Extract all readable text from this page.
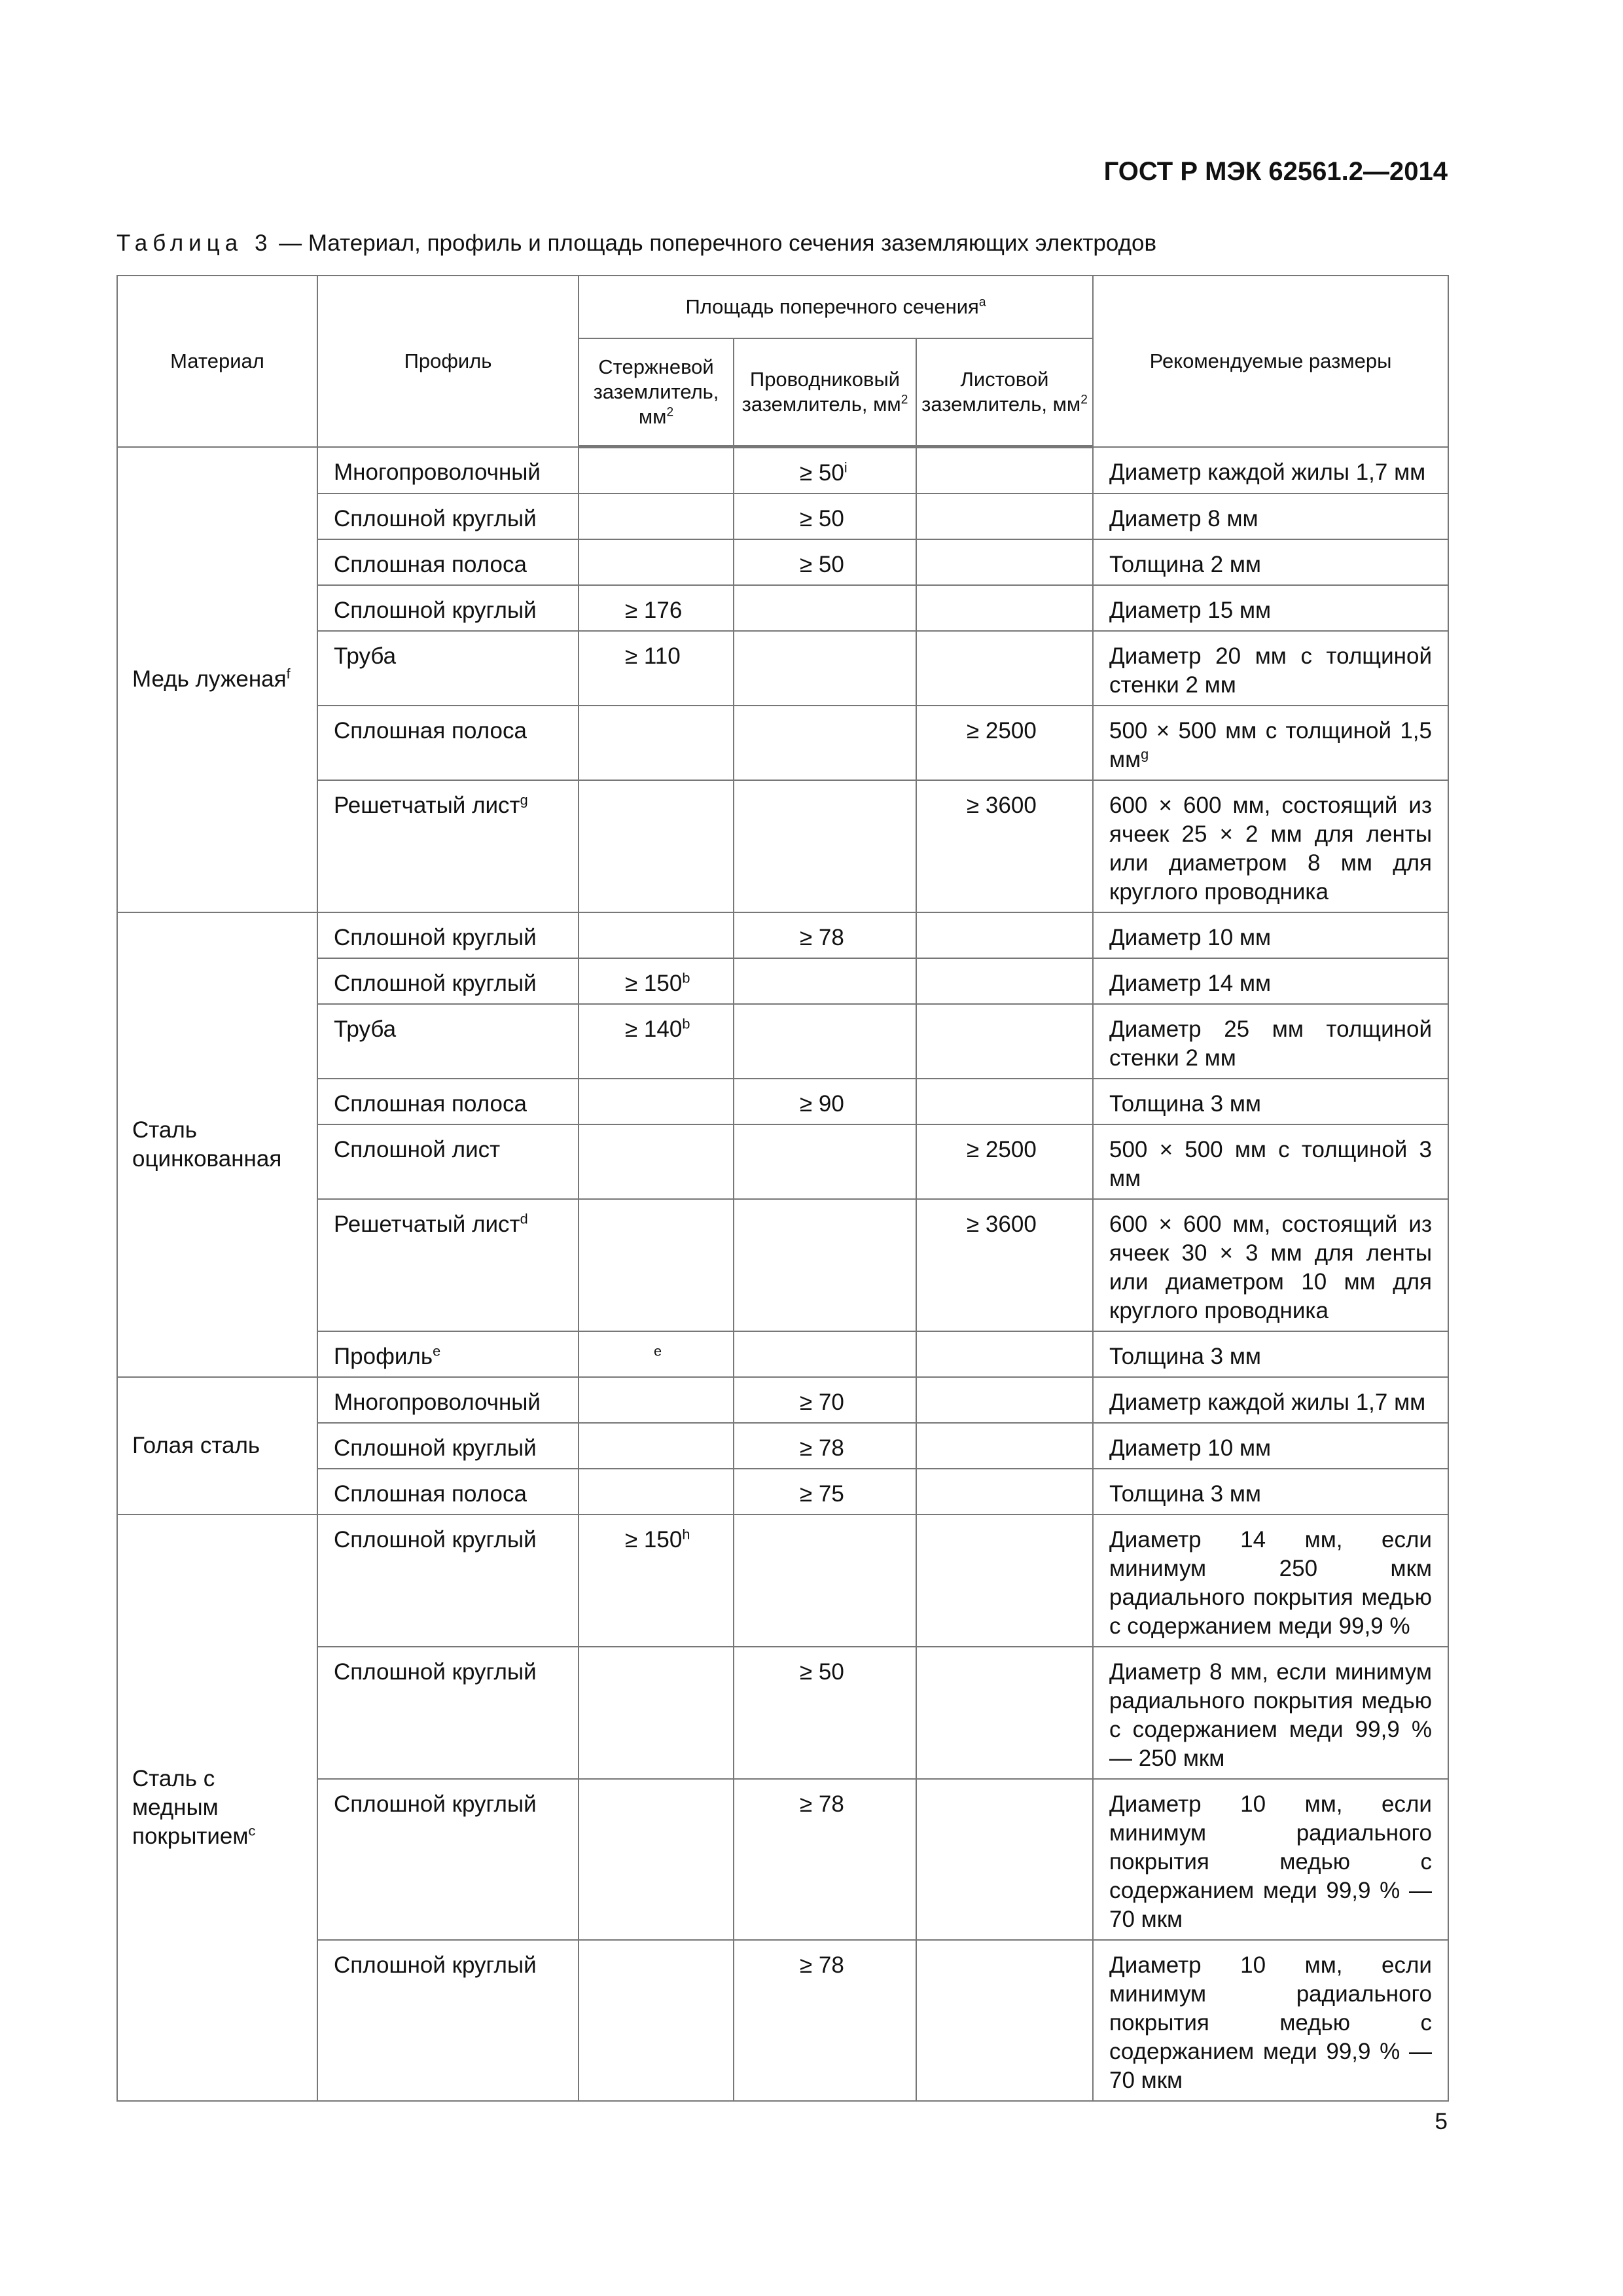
ГОСТ Р МЭК 62561.2—2014
Таблица 3 — Материал, профиль и площадь поперечного сечения заземляющих электродов
Материал	Профиль	Площадь поперечного сечения$^а$			Рекомендуемые размеры
		Стержневой заземлитель, $мм^2$	Проводниковый заземлитель, $мм^2$	Листовой заземлитель, $мм^2$
Медь луженая$^f$	Многопроволочный		≥ $50^i$		Диаметр каждой жилы 1,7 мм
	Сплошной круглый		≥ 50		Диаметр 8 мм
	Сплошная полоса		≥ 50		Толщина 2 мм
	Сплошной круглый	≥ 176			Диаметр 15 мм
	Труба	≥ 110			Диаметр 20 мм с толщиной стенки 2 мм
	Сплошная полоса			≥ 2500	500 × 500 мм с толщиной 1,5 $мм^g$
	Решетчатый лист$^g$			≥ 3600	600 × 600 мм, состоящий из ячеек 25 × 2 мм для ленты или диаметром 8 мм для круглого проводника
Сталь оцинкованная	Сплошной круглый		≥ 78		Диаметр 10 мм
	Сплошной круглый	≥ $150^b$			Диаметр 14 мм
	Труба	≥ $140^b$			Диаметр 25 мм толщиной стенки 2 мм
	Сплошная полоса		≥ 90		Толщина 3 мм
	Сплошной лист			≥ 2500	500 × 500 мм с толщиной 3 мм
	Решетчатый лист$^d$			≥ 3600	600 × 600 мм, состоящий из ячеек 30 × 3 мм для ленты или диаметром 10 мм для круглого проводника
	Профиль$^e$	$^e$			Толщина 3 мм
Голая сталь	Многопроволочный		≥ 70		Диаметр каждой жилы 1,7 мм
	Сплошной круглый		≥ 78		Диаметр 10 мм
	Сплошная полоса		≥ 75		Толщина 3 мм
Сталь с медным покрытием$^c$	Сплошной круглый	≥ $150^h$			Диаметр 14 мм, если минимум 250 мкм радиального покрытия медью с содержанием меди 99,9 %
	Сплошной круглый		≥ 50		Диаметр 8 мм, если минимум радиального покрытия медью с содержанием меди 99,9 % — 250 мкм
	Сплошной круглый		≥ 78		Диаметр 10 мм, если минимум радиального покрытия медью с содержанием меди 99,9 % — 70 мкм
	Сплошной круглый		≥ 78		Диаметр 10 мм, если минимум радиального покрытия медью с содержанием меди 99,9 % — 70 мкм
5
